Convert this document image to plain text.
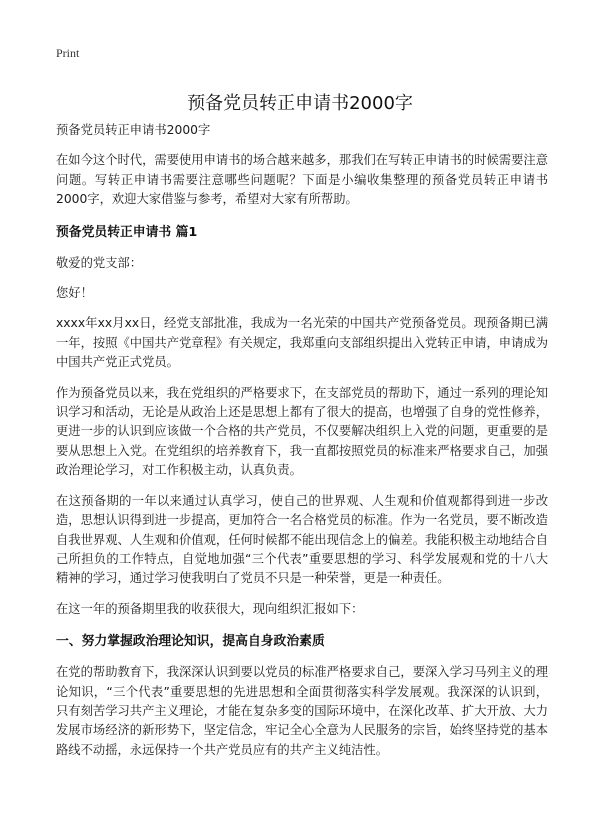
Print
预备党员转正申请书2000字

预备党员转正申请书2000字

在如今这个时代，需要使用申请书的场合越来越多，那我们在写转正申请书的时候需要注意问题。写转正申请书需要注意哪些问题呢？下面是小编收集整理的预备党员转正申请书2000字，欢迎大家借鉴与参考，希望对大家有所帮助。

预备党员转正申请书 篇1

敬爱的党支部：

您好！

xxxx年xx月xx日，经党支部批准，我成为一名光荣的中国共产党预备党员。现预备期已满一年，按照《中国共产党章程》有关规定，我郑重向支部组织提出入党转正申请，申请成为中国共产党正式党员。

作为预备党员以来，我在党组织的严格要求下，在支部党员的帮助下，通过一系列的理论知识学习和活动，无论是从政治上还是思想上都有了很大的提高，也增强了自身的党性修养，更进一步的认识到应该做一个合格的共产党员，不仅要解决组织上入党的问题，更重要的是要从思想上入党。在党组织的培养教育下，我一直都按照党员的标准来严格要求自己，加强政治理论学习，对工作积极主动，认真负责。

在这预备期的一年以来通过认真学习，使自己的世界观、人生观和价值观都得到进一步改造，思想认识得到进一步提高，更加符合一名合格党员的标准。作为一名党员，要不断改造自我世界观、人生观和价值观，任何时候都不能出现信念上的偏差。我能积极主动地结合自己所担负的工作特点，自觉地加强“三个代表”重要思想的学习、科学发展观和党的十八大精神的学习，通过学习使我明白了党员不只是一种荣誉，更是一种责任。

在这一年的预备期里我的收获很大，现向组织汇报如下：

一、努力掌握政治理论知识，提高自身政治素质

在党的帮助教育下，我深深认识到要以党员的标准严格要求自己，要深入学习马列主义的理论知识，“三个代表”重要思想的先进思想和全面贯彻落实科学发展观。我深深的认识到，只有刻苦学习共产主义理论，才能在复杂多变的国际环境中，在深化改革、扩大开放、大力发展市场经济的新形势下，坚定信念，牢记全心全意为人民服务的宗旨，始终坚持党的基本路线不动摇，永远保持一个共产党员应有的共产主义纯洁性。
